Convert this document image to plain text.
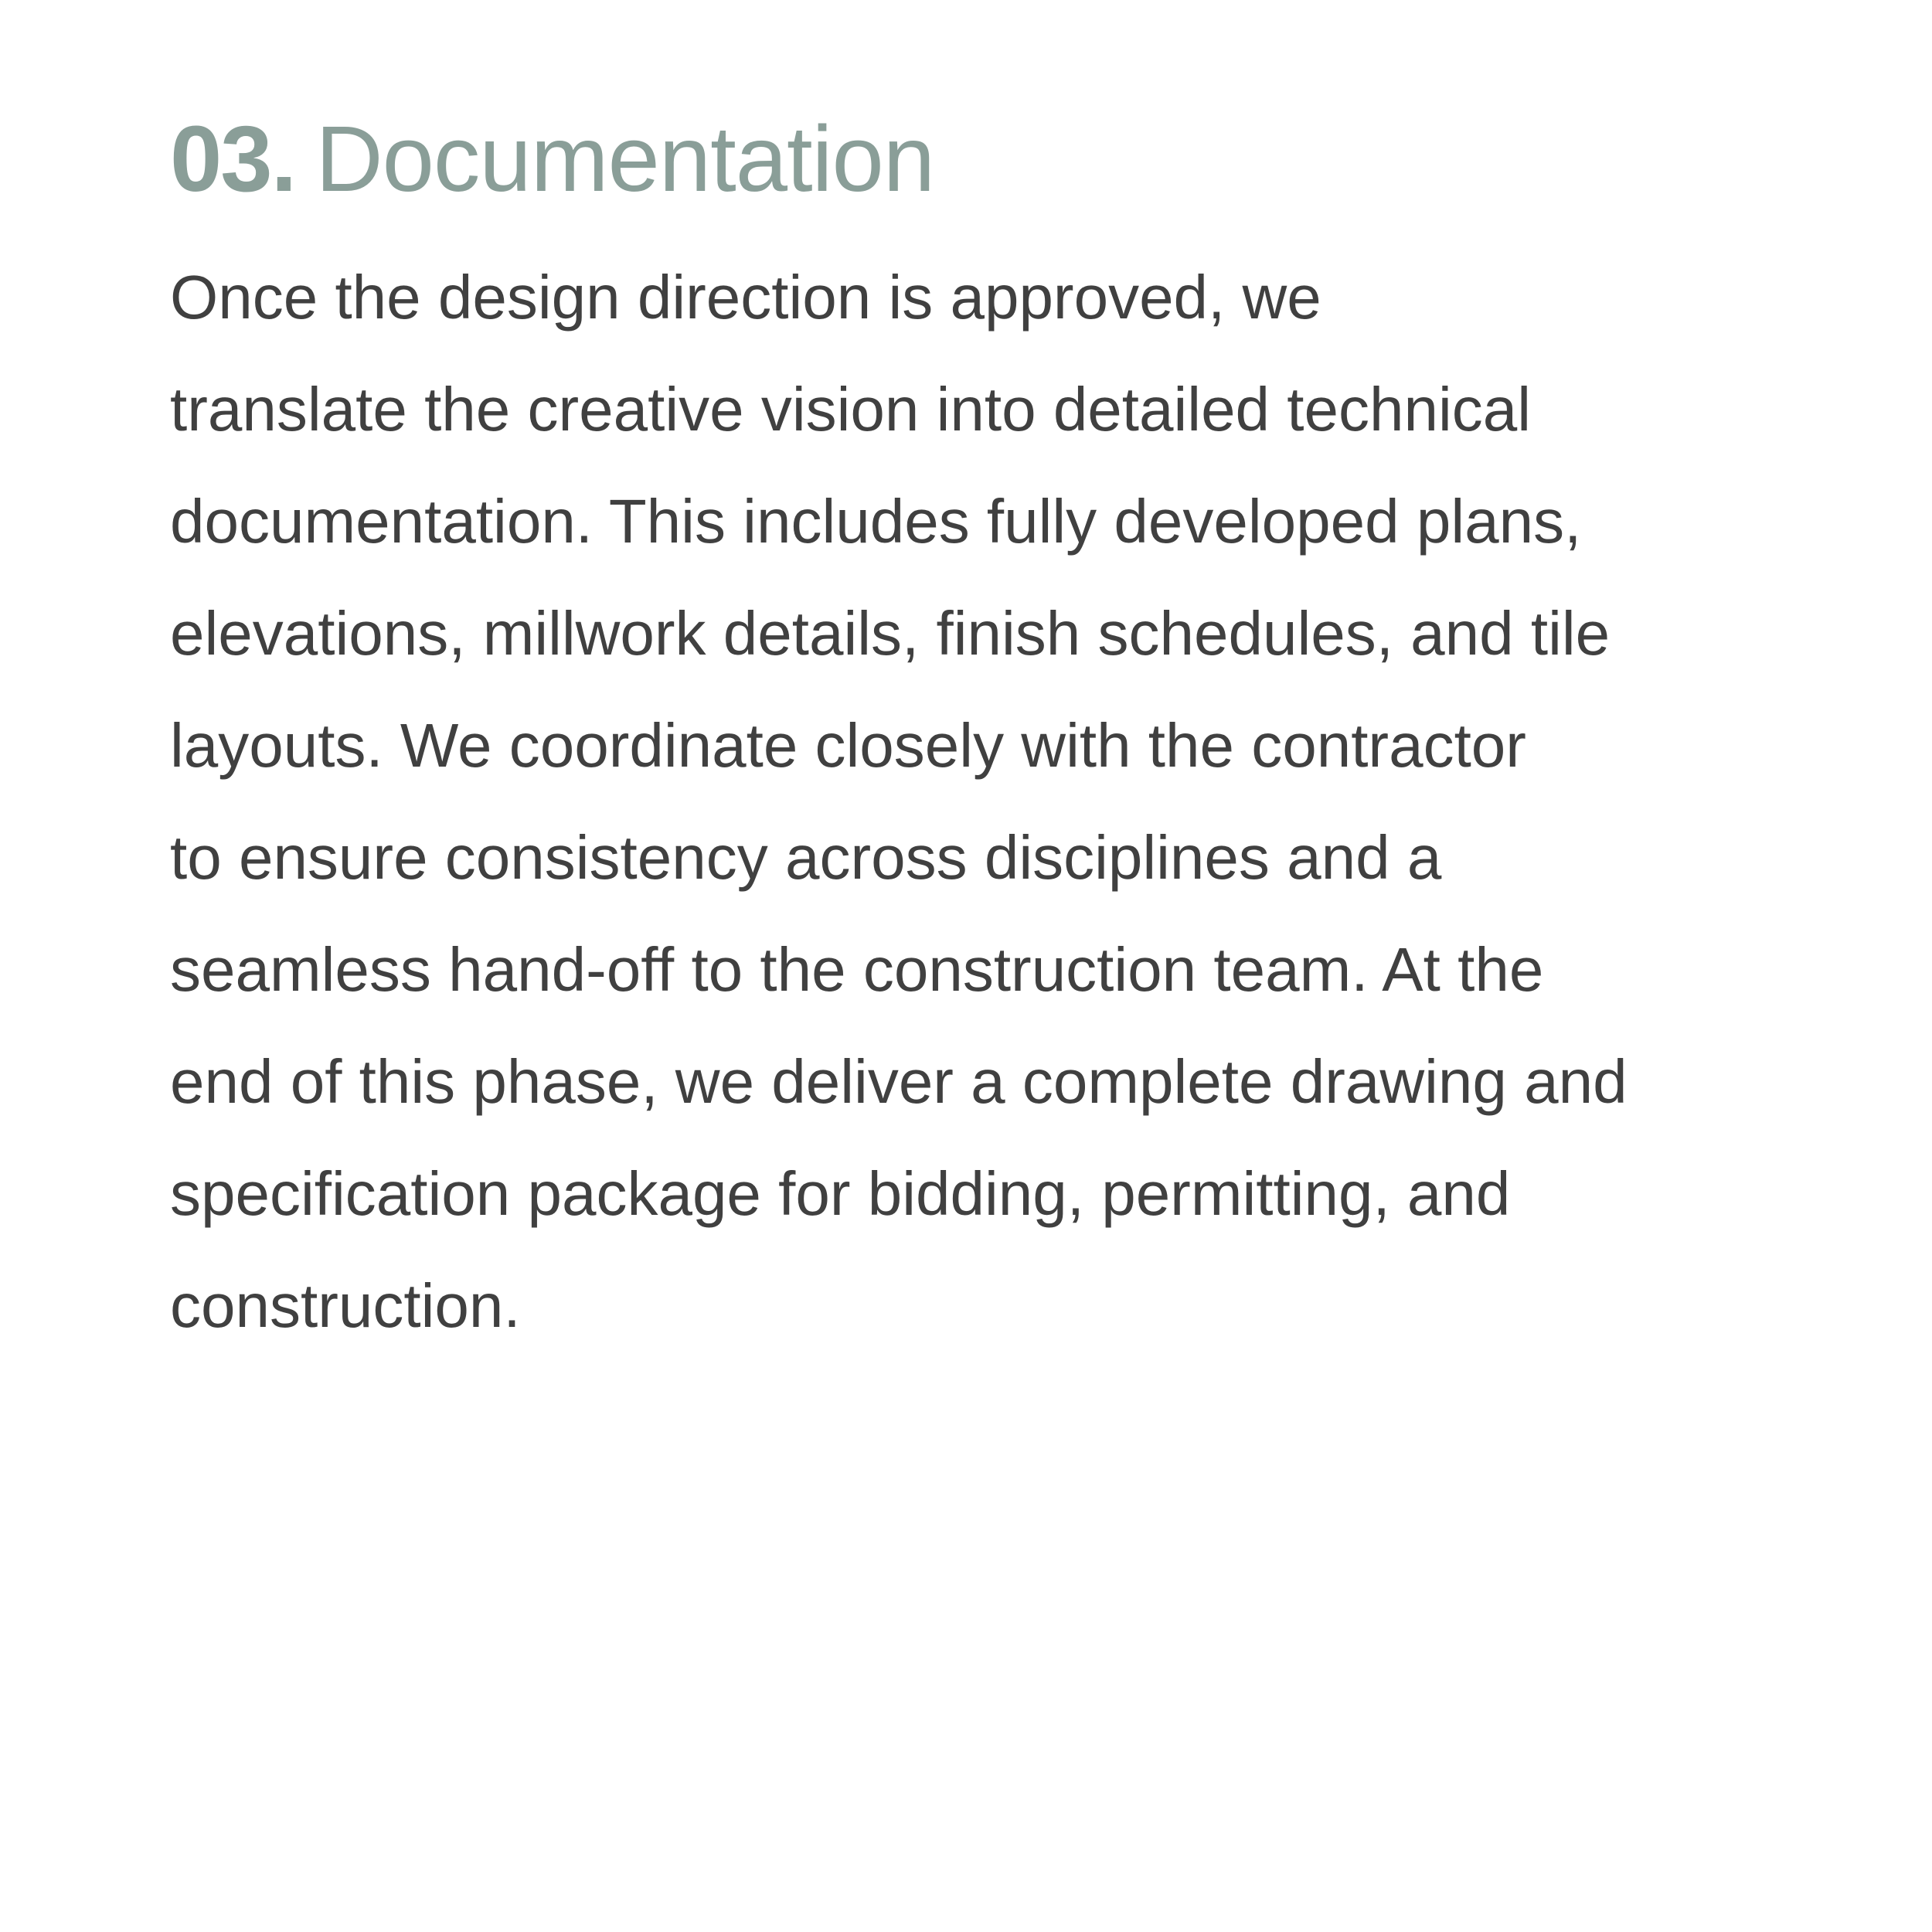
03. Documentation
Once the design direction is approved, we
translate the creative vision into detailed technical
documentation. This includes fully developed plans,
elevations, millwork details, finish schedules, and tile
layouts. We coordinate closely with the contractor
to ensure consistency across disciplines and a
seamless hand-off to the construction team. At the
end of this phase, we deliver a complete drawing and
specification package for bidding, permitting, and
construction.
